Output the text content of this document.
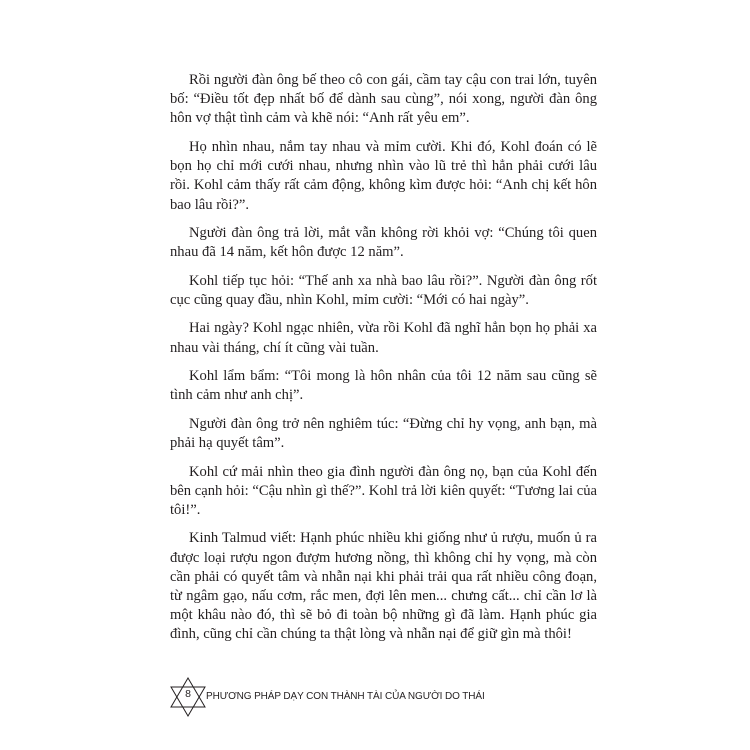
Rồi người đàn ông bế theo cô con gái, cầm tay cậu con trai lớn, tuyên bố: “Điều tốt đẹp nhất bố để dành sau cùng”, nói xong, người đàn ông hôn vợ thật tình cảm và khẽ nói: “Anh rất yêu em”.

Họ nhìn nhau, nắm tay nhau và mỉm cười. Khi đó, Kohl đoán có lẽ bọn họ chỉ mới cưới nhau, nhưng nhìn vào lũ trẻ thì hẳn phải cưới lâu rồi. Kohl cảm thấy rất cảm động, không kìm được hỏi: “Anh chị kết hôn bao lâu rồi?”.

Người đàn ông trả lời, mắt vẫn không rời khỏi vợ: “Chúng tôi quen nhau đã 14 năm, kết hôn được 12 năm”.

Kohl tiếp tục hỏi: “Thế anh xa nhà bao lâu rồi?”. Người đàn ông rốt cục cũng quay đầu, nhìn Kohl, mỉm cười: “Mới có hai ngày”.

Hai ngày? Kohl ngạc nhiên, vừa rồi Kohl đã nghĩ hẳn bọn họ phải xa nhau vài tháng, chí ít cũng vài tuần.

Kohl lẩm bẩm: “Tôi mong là hôn nhân của tôi 12 năm sau cũng sẽ tình cảm như anh chị”.

Người đàn ông trở nên nghiêm túc: “Đừng chỉ hy vọng, anh bạn, mà phải hạ quyết tâm”.

Kohl cứ mải nhìn theo gia đình người đàn ông nọ, bạn của Kohl đến bên cạnh hỏi: “Cậu nhìn gì thế?”. Kohl trả lời kiên quyết: “Tương lai của tôi!”.

Kinh Talmud viết: Hạnh phúc nhiều khi giống như ủ rượu, muốn ủ ra được loại rượu ngon đượm hương nồng, thì không chỉ hy vọng, mà còn cần phải có quyết tâm và nhẫn nại khi phải trải qua rất nhiều công đoạn, từ ngâm gạo, nấu cơm, rắc men, đợi lên men... chưng cất... chỉ cần lơ là một khâu nào đó, thì sẽ bỏ đi toàn bộ những gì đã làm. Hạnh phúc gia đình, cũng chỉ cần chúng ta thật lòng và nhẫn nại để giữ gìn mà thôi!

8	PHƯƠNG PHÁP DẠY CON THÀNH TÀI CỦA NGƯỜI DO THÁI
